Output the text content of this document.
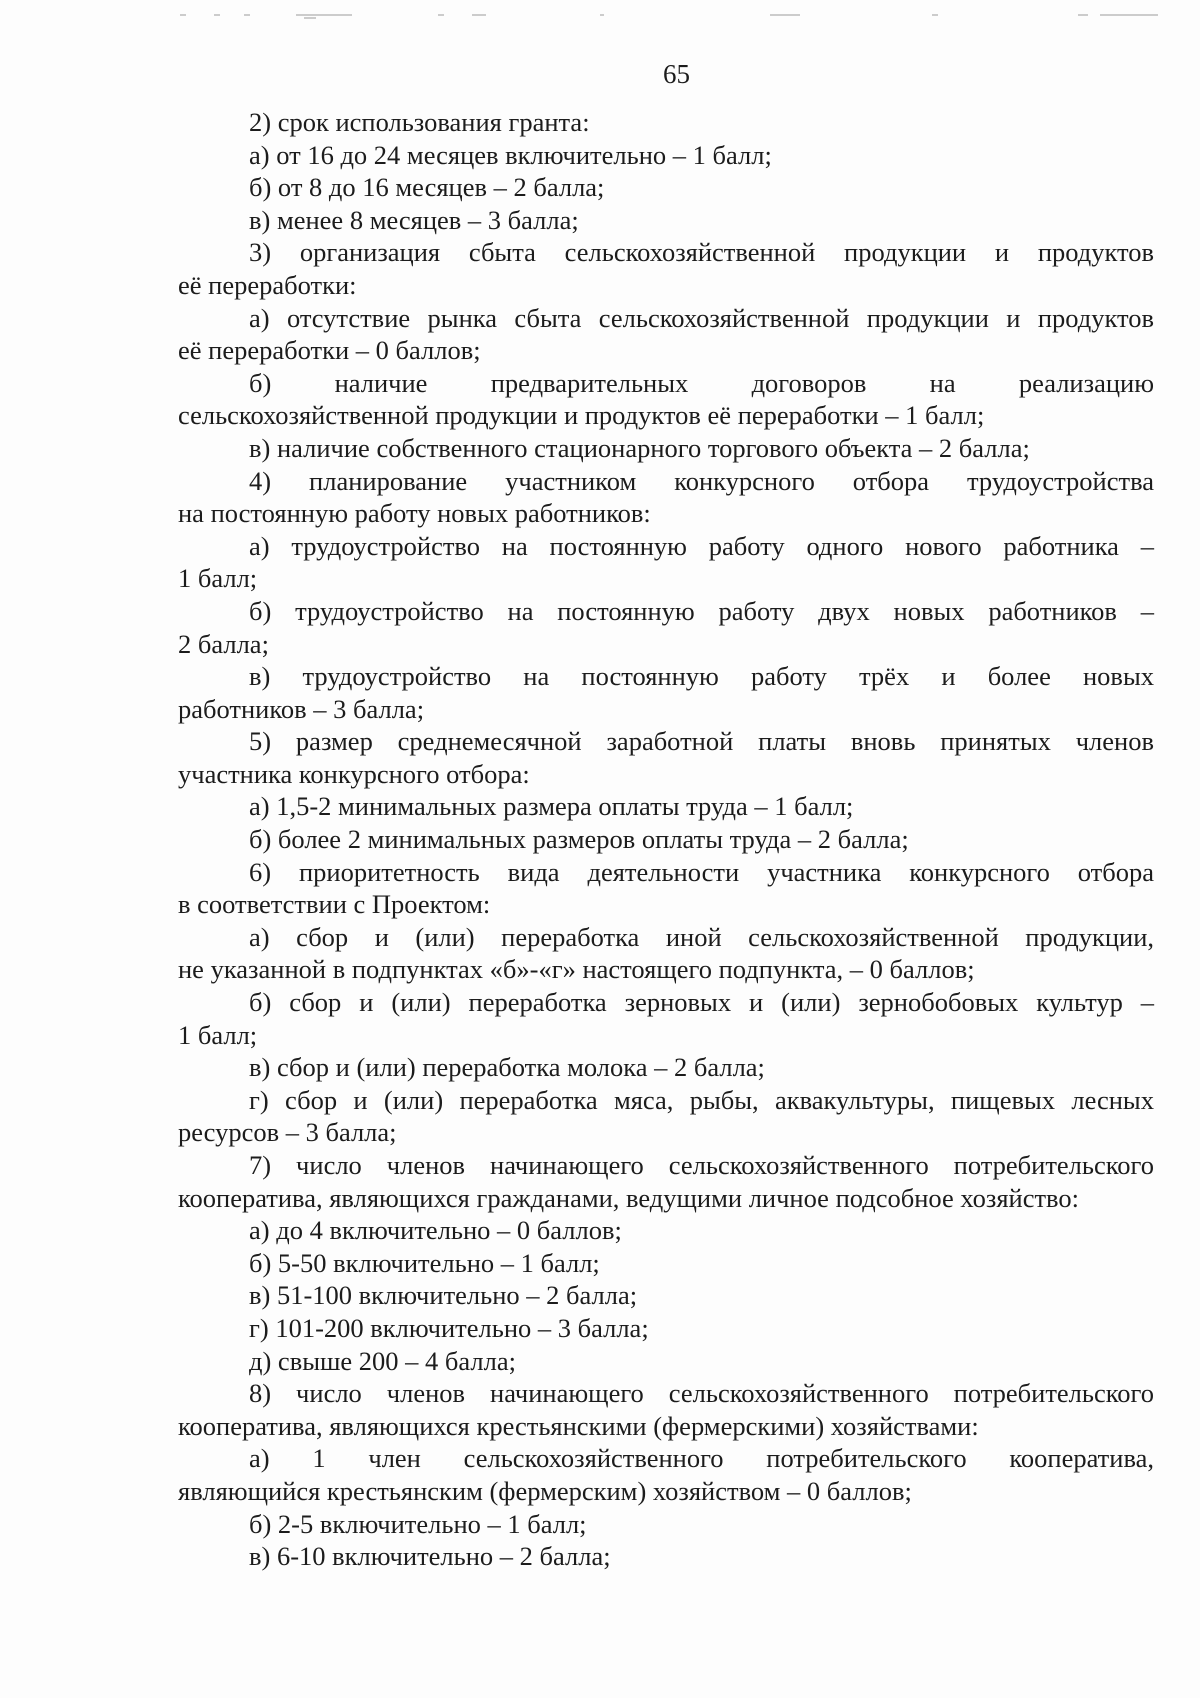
65
2) срок использования гранта:
а) от 16 до 24 месяцев включительно – 1 балл;
б) от 8 до 16 месяцев – 2 балла;
в) менее 8 месяцев – 3 балла;
3) организация сбыта сельскохозяйственной продукции и продуктов
её переработки:
а) отсутствие рынка сбыта сельскохозяйственной продукции и продуктов
её переработки – 0 баллов;
б) наличие предварительных договоров на реализацию
сельскохозяйственной продукции и продуктов её переработки – 1 балл;
в) наличие собственного стационарного торгового объекта – 2 балла;
4) планирование участником конкурсного отбора трудоустройства
на постоянную работу новых работников:
а) трудоустройство на постоянную работу одного нового работника –
1 балл;
б) трудоустройство на постоянную работу двух новых работников –
2 балла;
в) трудоустройство на постоянную работу трёх и более новых
работников – 3 балла;
5) размер среднемесячной заработной платы вновь принятых членов
участника конкурсного отбора:
а) 1,5-2 минимальных размера оплаты труда – 1 балл;
б) более 2 минимальных размеров оплаты труда – 2 балла;
6) приоритетность вида деятельности участника конкурсного отбора
в соответствии с Проектом:
а) сбор и (или) переработка иной сельскохозяйственной продукции,
не указанной в подпунктах «б»-«г» настоящего подпункта, – 0 баллов;
б) сбор и (или) переработка зерновых и (или) зернобобовых культур –
1 балл;
в) сбор и (или) переработка молока – 2 балла;
г) сбор и (или) переработка мяса, рыбы, аквакультуры, пищевых лесных
ресурсов – 3 балла;
7) число членов начинающего сельскохозяйственного потребительского
кооператива, являющихся гражданами, ведущими личное подсобное хозяйство:
а) до 4 включительно – 0 баллов;
б) 5-50 включительно – 1 балл;
в) 51-100 включительно – 2 балла;
г) 101-200 включительно – 3 балла;
д) свыше 200 – 4 балла;
8) число членов начинающего сельскохозяйственного потребительского
кооператива, являющихся крестьянскими (фермерскими) хозяйствами:
а) 1 член сельскохозяйственного потребительского кооператива,
являющийся крестьянским (фермерским) хозяйством – 0 баллов;
б) 2-5 включительно – 1 балл;
в) 6-10 включительно – 2 балла;
